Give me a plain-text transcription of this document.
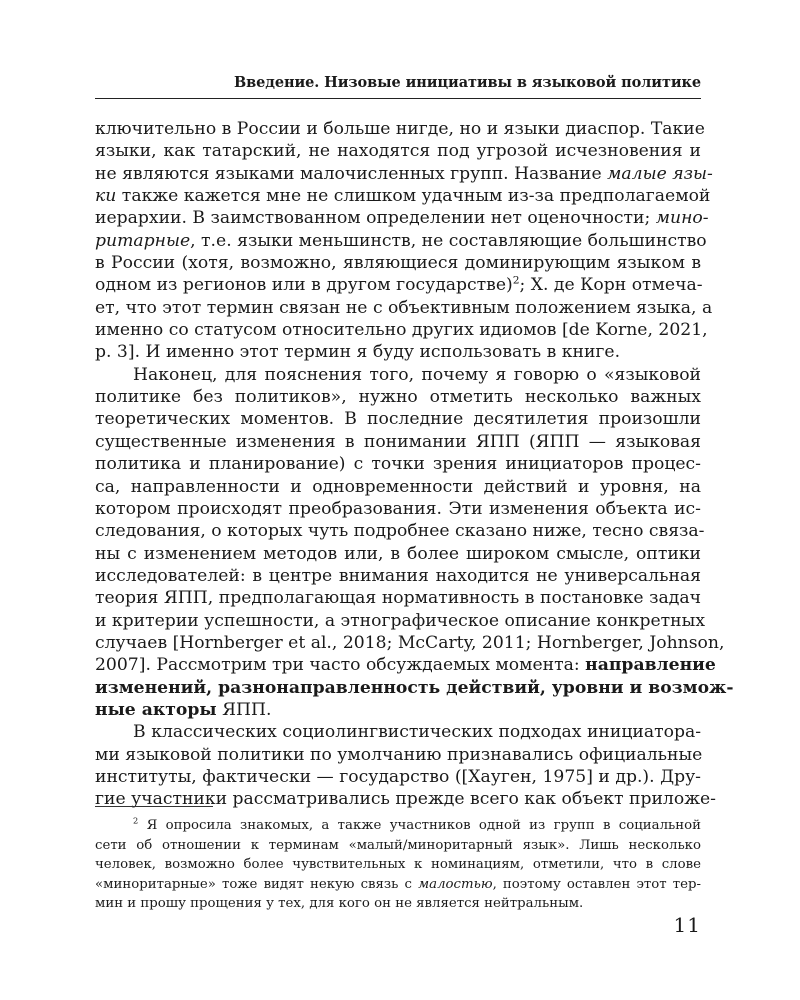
Введение. Низовые инициативы в языковой политике
ключительно в России и больше нигде, но и языки диаспор. Такие
языки, как татарский, не находятся под угрозой исчезновения и
не являются языками малочисленных групп. Название малые язы-
ки также кажется мне не слишком удачным из-за предполагаемой
иерархии. В заимствованном определении нет оценочности; мино-
ритарные, т.е. языки меньшинств, не составляющие большинство
в России (хотя, возможно, являющиеся доминирующим языком в
одном из регионов или в другом государстве)$^2$; Х. де Корн отмеча-
ет, что этот термин связан не с объективным положением языка, а
именно со статусом относительно других идиомов [de Korne, 2021,
p. 3]. И именно этот термин я буду использовать в книге.
Наконец, для пояснения того, почему я говорю о «языковой
политике без политиков», нужно отметить несколько важных
теоретических моментов. В последние десятилетия произошли
существенные изменения в понимании ЯПП (ЯПП — языковая
политика и планирование) с точки зрения инициаторов процес-
са, направленности и одновременности действий и уровня, на
котором происходят преобразования. Эти изменения объекта ис-
следования, о которых чуть подробнее сказано ниже, тесно связа-
ны с изменением методов или, в более широком смысле, оптики
исследователей: в центре внимания находится не универсальная
теория ЯПП, предполагающая нормативность в постановке задач
и критерии успешности, а этнографическое описание конкретных
случаев [Hornberger et al., 2018; McCarty, 2011; Hornberger, Johnson,
2007]. Рассмотрим три часто обсуждаемых момента: направление
изменений, разнонаправленность действий, уровни и возмож-
ные акторы ЯПП.
В классических социолингвистических подходах инициатора-
ми языковой политики по умолчанию признавались официальные
институты, фактически — государство ([Хауген, 1975] и др.). Дру-
гие участники рассматривались прежде всего как объект приложе-
$^2$ Я опросила знакомых, а также участников одной из групп в социальной
сети об отношении к терминам «малый/миноритарный язык». Лишь несколько
человек, возможно более чувствительных к номинациям, отметили, что в слове
«миноритарные» тоже видят некую связь с малостью, поэтому оставлен этот тер-
мин и прошу прощения у тех, для кого он не является нейтральным.
11
